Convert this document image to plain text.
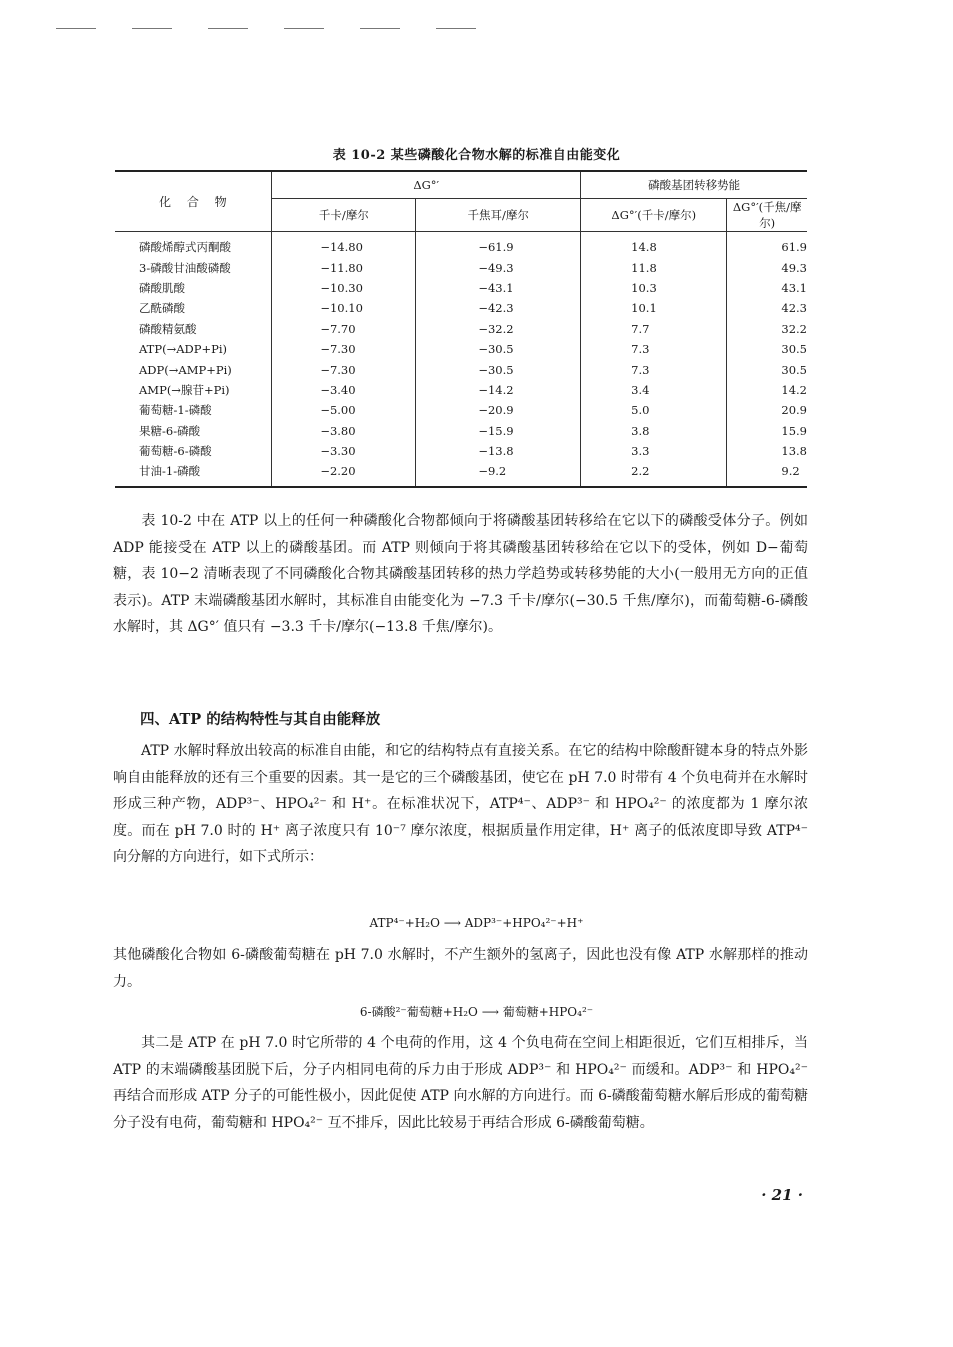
表 10-2 某些磷酸化合物水解的标准自由能变化
化 合 物	ΔG°′		磷酸基团转移势能	
	千卡/摩尔	千焦耳/摩尔	ΔG°′(千卡/摩尔)	ΔG°′(千焦/摩尔)
磷酸烯醇式丙酮酸	−14.80	−61.9	14.8	61.9
3-磷酸甘油酸磷酸	−11.80	−49.3	11.8	49.3
磷酸肌酸	−10.30	−43.1	10.3	43.1
乙酰磷酸	−10.10	−42.3	10.1	42.3
磷酸精氨酸	−7.70	−32.2	7.7	32.2
ATP(→ADP+Pi)	−7.30	−30.5	7.3	30.5
ADP(→AMP+Pi)	−7.30	−30.5	7.3	30.5
AMP(→腺苷+Pi)	−3.40	−14.2	3.4	14.2
葡萄糖-1-磷酸	−5.00	−20.9	5.0	20.9
果糖-6-磷酸	−3.80	−15.9	3.8	15.9
葡萄糖-6-磷酸	−3.30	−13.8	3.3	13.8
甘油-1-磷酸	−2.20	−9.2	2.2	9.2

表 10-2 中在 ATP 以上的任何一种磷酸化合物都倾向于将磷酸基团转移给在它以下的磷酸受体分子。例如 ADP 能接受在 ATP 以上的磷酸基团。而 ATP 则倾向于将其磷酸基团转移给在它以下的受体，例如 D−葡萄糖，表 10−2 清晰表现了不同磷酸化合物其磷酸基团转移的热力学趋势或转移势能的大小(一般用无方向的正值表示)。ATP 末端磷酸基团水解时，其标准自由能变化为 −7.3 千卡/摩尔(−30.5 千焦/摩尔)，而葡萄糖-6-磷酸水解时，其 ΔG°′ 值只有 −3.3 千卡/摩尔(−13.8 千焦/摩尔)。

四、ATP 的结构特性与其自由能释放

ATP 水解时释放出较高的标准自由能，和它的结构特点有直接关系。在它的结构中除酸酐键本身的特点外影响自由能释放的还有三个重要的因素。其一是它的三个磷酸基团，使它在 pH 7.0 时带有 4 个负电荷并在水解时形成三种产物，ADP³⁻、HPO₄²⁻ 和 H⁺。在标准状况下，ATP⁴⁻、ADP³⁻ 和 HPO₄²⁻ 的浓度都为 1 摩尔浓度。而在 pH 7.0 时的 H⁺ 离子浓度只有 10⁻⁷ 摩尔浓度，根据质量作用定律，H⁺ 离子的低浓度即导致 ATP⁴⁻ 向分解的方向进行，如下式所示：

ATP⁴⁻+H₂O ⟶ ADP³⁻+HPO₄²⁻+H⁺

其他磷酸化合物如 6-磷酸葡萄糖在 pH 7.0 水解时，不产生额外的氢离子，因此也没有像 ATP 水解那样的推动力。

6-磷酸²⁻葡萄糖+H₂O ⟶ 葡萄糖+HPO₄²⁻

其二是 ATP 在 pH 7.0 时它所带的 4 个电荷的作用，这 4 个负电荷在空间上相距很近，它们互相排斥，当 ATP 的末端磷酸基团脱下后，分子内相同电荷的斥力由于形成 ADP³⁻ 和 HPO₄²⁻ 而缓和。ADP³⁻ 和 HPO₄²⁻ 再结合而形成 ATP 分子的可能性极小，因此促使 ATP 向水解的方向进行。而 6-磷酸葡萄糖水解后形成的葡萄糖分子没有电荷，葡萄糖和 HPO₄²⁻ 互不排斥，因此比较易于再结合形成 6-磷酸葡萄糖。

· 21 ·
